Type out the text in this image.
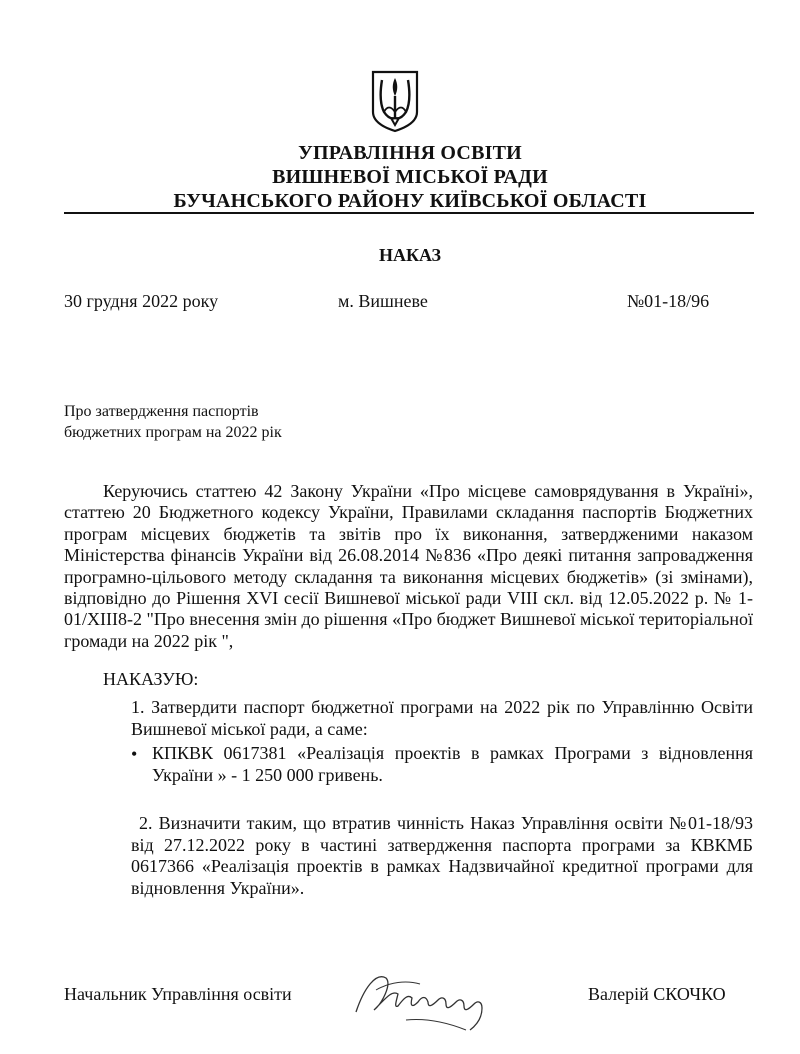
УПРАВЛІННЯ ОСВІТИ
ВИШНЕВОЇ МІСЬКОЇ РАДИ
БУЧАНСЬКОГО РАЙОНУ КИЇВСЬКОЇ ОБЛАСТІ
НАКАЗ
30 грудня 2022 року	м. Вишневе	№01-18/96
Про затвердження паспортів
бюджетних програм на 2022 рік
Керуючись статтею 42 Закону України «Про місцеве самоврядування в Україні», статтею 20 Бюджетного кодексу України, Правилами складання паспортів Бюджетних програм місцевих бюджетів та звітів про їх виконання, затвердженими наказом Міністерства фінансів України від 26.08.2014 №836 «Про деякі питання запровадження програмно-цільового методу складання та виконання місцевих бюджетів» (зі змінами), відповідно до Рішення XVI сесії Вишневої міської ради VIII скл. від 12.05.2022 р. № 1-01/XIII8-2 "Про внесення змін до рішення «Про бюджет Вишневої міської територіальної громади на 2022 рік ",
НАКАЗУЮ:
1. Затвердити паспорт бюджетної програми на 2022 рік по Управлінню Освіти Вишневої міської ради, а саме:
• КПКВК 0617381 «Реалізація проектів в рамках Програми з відновлення України » - 1 250 000 гривень.
2. Визначити таким, що втратив чинність Наказ Управління освіти №01-18/93 від 27.12.2022 року в частині затвердження паспорта програми за КВКМБ 0617366 «Реалізація проектів в рамках Надзвичайної кредитної програми для відновлення України».
Начальник Управління освіти	Валерій СКОЧКО
